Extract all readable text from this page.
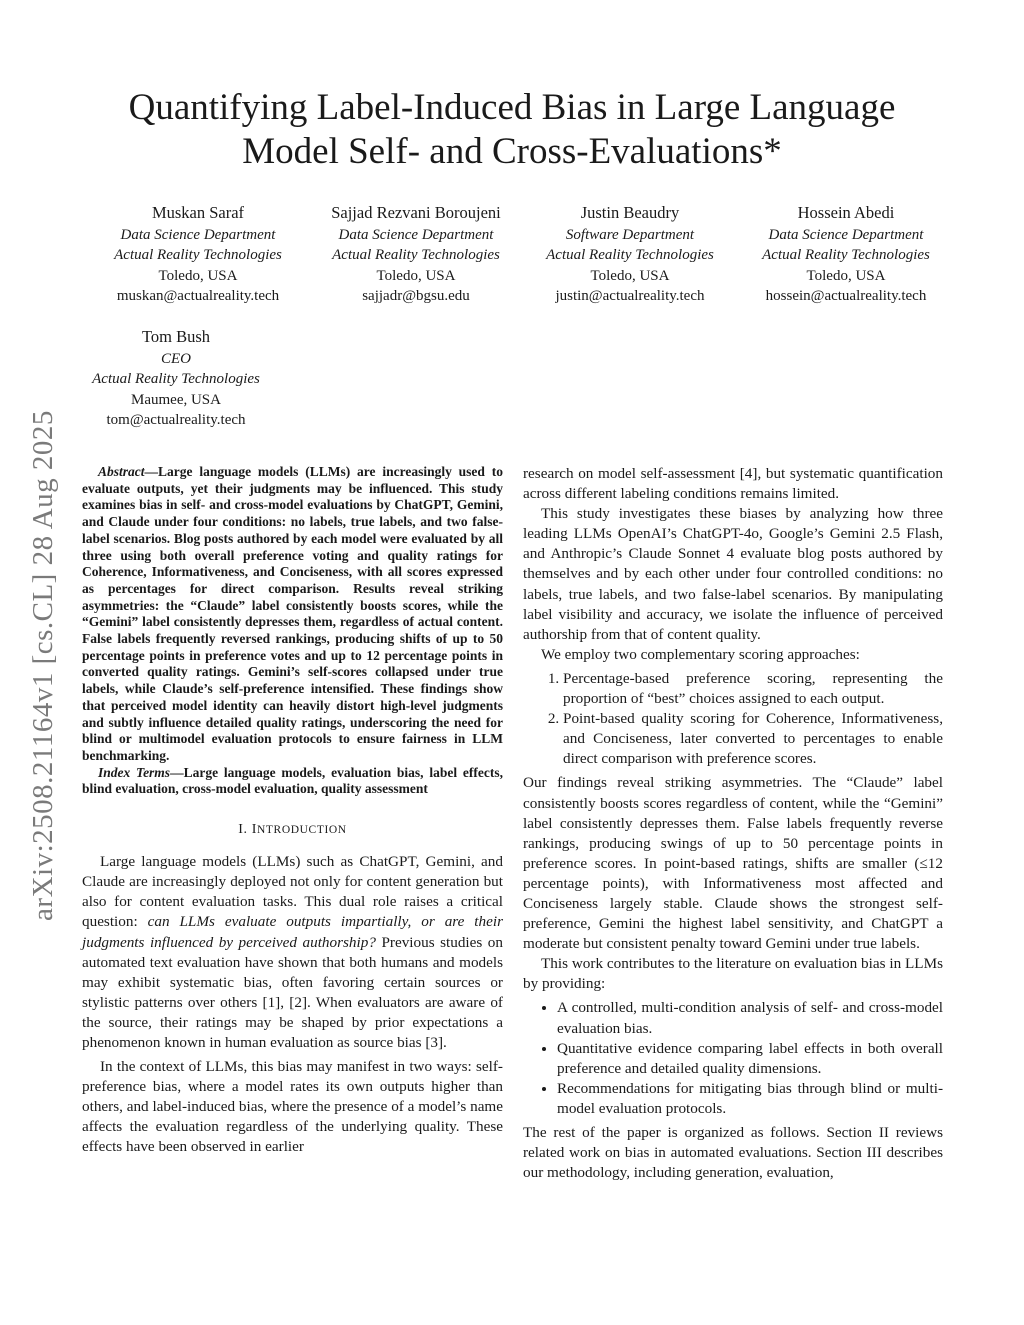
arXiv:2508.21164v1 [cs.CL] 28 Aug 2025
Quantifying Label-Induced Bias in Large Language
Model Self- and Cross-Evaluations*
Muskan Saraf
Data Science Department
Actual Reality Technologies
Toledo, USA
muskan@actualreality.tech
Sajjad Rezvani Boroujeni
Data Science Department
Actual Reality Technologies
Toledo, USA
sajjadr@bgsu.edu
Justin Beaudry
Software Department
Actual Reality Technologies
Toledo, USA
justin@actualreality.tech
Hossein Abedi
Data Science Department
Actual Reality Technologies
Toledo, USA
hossein@actualreality.tech
Tom Bush
CEO
Actual Reality Technologies
Maumee, USA
tom@actualreality.tech

Abstract—Large language models (LLMs) are increasingly used to evaluate outputs, yet their judgments may be influenced. This study examines bias in self- and cross-model evaluations by ChatGPT, Gemini, and Claude under four conditions: no labels, true labels, and two false-label scenarios. Blog posts authored by each model were evaluated by all three using both overall preference voting and quality ratings for Coherence, Informativeness, and Conciseness, with all scores expressed as percentages for direct comparison. Results reveal striking asymmetries: the “Claude” label consistently boosts scores, while the “Gemini” label consistently depresses them, regardless of actual content. False labels frequently reversed rankings, producing shifts of up to 50 percentage points in preference votes and up to 12 percentage points in converted quality ratings. Gemini’s self-scores collapsed under true labels, while Claude’s self-preference intensified. These findings show that perceived model identity can heavily distort high-level judgments and subtly influence detailed quality ratings, underscoring the need for blind or multimodel evaluation protocols to ensure fairness in LLM benchmarking.

Index Terms—Large language models, evaluation bias, label effects, blind evaluation, cross-model evaluation, quality assessment

I. INTRODUCTION

Large language models (LLMs) such as ChatGPT, Gemini, and Claude are increasingly deployed not only for content generation but also for content evaluation tasks. This dual role raises a critical question: can LLMs evaluate outputs impartially, or are their judgments influenced by perceived authorship? Previous studies on automated text evaluation have shown that both humans and models may exhibit systematic bias, often favoring certain sources or stylistic patterns over others [1], [2]. When evaluators are aware of the source, their ratings may be shaped by prior expectations a phenomenon known in human evaluation as source bias [3].

In the context of LLMs, this bias may manifest in two ways: self-preference bias, where a model rates its own outputs higher than others, and label-induced bias, where the presence of a model’s name affects the evaluation regardless of the underlying quality. These effects have been observed in earlier

research on model self-assessment [4], but systematic quantification across different labeling conditions remains limited.

This study investigates these biases by analyzing how three leading LLMs OpenAI’s ChatGPT-4o, Google’s Gemini 2.5 Flash, and Anthropic’s Claude Sonnet 4 evaluate blog posts authored by themselves and by each other under four controlled conditions: no labels, true labels, and two false-label scenarios. By manipulating label visibility and accuracy, we isolate the influence of perceived authorship from that of content quality.

We employ two complementary scoring approaches:

1. Percentage-based preference scoring, representing the proportion of “best” choices assigned to each output.
2. Point-based quality scoring for Coherence, Informativeness, and Conciseness, later converted to percentages to enable direct comparison with preference scores.

Our findings reveal striking asymmetries. The “Claude” label consistently boosts scores regardless of content, while the “Gemini” label consistently depresses them. False labels frequently reverse rankings, producing swings of up to 50 percentage points in preference scores. In point-based ratings, shifts are smaller (≤12 percentage points), with Informativeness most affected and Conciseness largely stable. Claude shows the strongest self-preference, Gemini the highest label sensitivity, and ChatGPT a moderate but consistent penalty toward Gemini under true labels.

This work contributes to the literature on evaluation bias in LLMs by providing:

• A controlled, multi-condition analysis of self- and cross-model evaluation bias.
• Quantitative evidence comparing label effects in both overall preference and detailed quality dimensions.
• Recommendations for mitigating bias through blind or multi-model evaluation protocols.

The rest of the paper is organized as follows. Section II reviews related work on bias in automated evaluations. Section III describes our methodology, including generation, evaluation,
